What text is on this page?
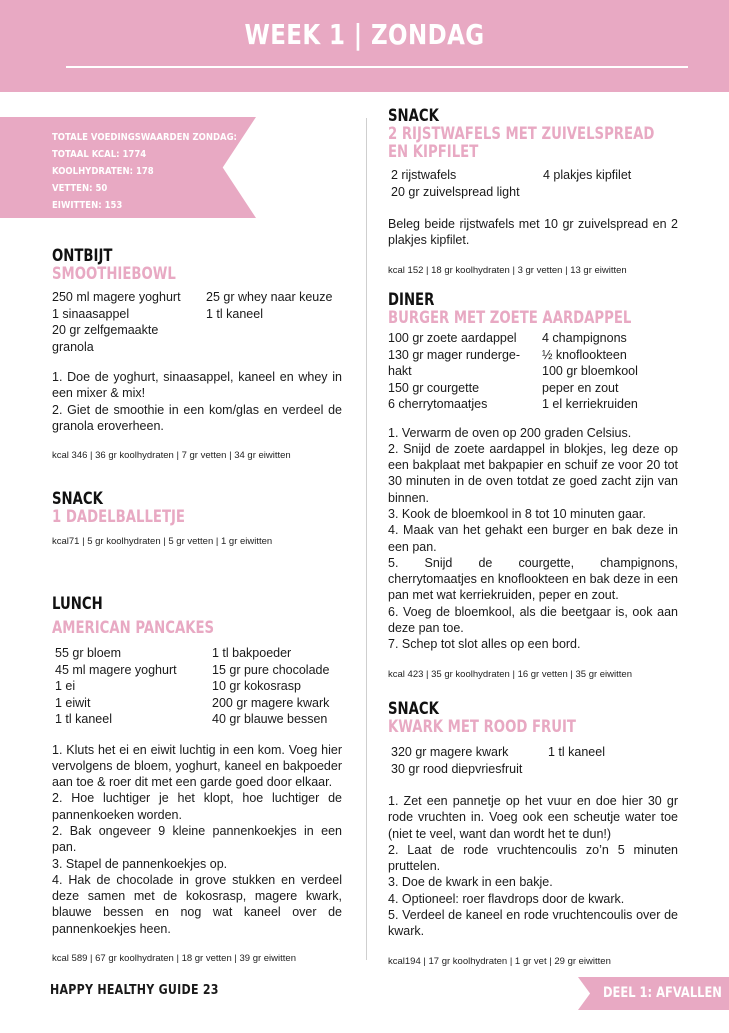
WEEK 1 | ZONDAG
TOTALE VOEDINGSWAARDEN ZONDAG:
TOTAAL KCAL: 1774
KOOLHYDRATEN: 178
VETTEN: 50
EIWITTEN: 153
ONTBIJT
SMOOTHIEBOWL
250 ml magere yoghurt
1 sinaasappel
20 gr zelfgemaakte
granola
25 gr whey naar keuze
1 tl kaneel

1. Doe de yoghurt, sinaasappel, kaneel en whey in een mixer & mix!

2. Giet de smoothie in een kom/glas en verdeel de granola eroverheen.

kcal 346 | 36 gr koolhydraten | 7 gr vetten | 34 gr eiwitten
SNACK
1 DADELBALLETJE
kcal71 | 5 gr koolhydraten | 5 gr vetten | 1 gr eiwitten
LUNCH
AMERICAN PANCAKES
55 gr bloem
45 ml magere yoghurt
1 ei
1 eiwit
1 tl kaneel
1 tl bakpoeder
15 gr pure chocolade
10 gr kokosrasp
200 gr magere kwark
40 gr blauwe bessen

1. Kluts het ei en eiwit luchtig in een kom. Voeg hier vervolgens de bloem, yoghurt, kaneel en bakpoeder aan toe & roer dit met een garde goed door elkaar.

2. Hoe luchtiger je het klopt, hoe luchtiger de pannenkoeken worden.

2. Bak ongeveer 9 kleine pannenkoekjes in een pan.

3. Stapel de pannenkoekjes op.

4. Hak de chocolade in grove stukken en verdeel deze samen met de kokosrasp, magere kwark, blauwe bessen en nog wat kaneel over de pannenkoekjes heen.

kcal 589 | 67 gr koolhydraten | 18 gr vetten | 39 gr eiwitten
SNACK
2 RIJSTWAFELS MET ZUIVELSPREAD
EN KIPFILET
2 rijstwafels
20 gr zuivelspread light
4 plakjes kipfilet

Beleg beide rijstwafels met 10 gr zuivelspread en 2 plakjes kipfilet.

kcal 152 | 18 gr koolhydraten | 3 gr vetten | 13 gr eiwitten
DINER
BURGER MET ZOETE AARDAPPEL
100 gr zoete aardappel
130 gr mager runderge-
hakt
150 gr courgette
6 cherrytomaatjes
4 champignons
½ knoflookteen
100 gr bloemkool
peper en zout
1 el kerriekruiden

1. Verwarm de oven op 200 graden Celsius.

2. Snijd de zoete aardappel in blokjes, leg deze op een bakplaat met bakpapier en schuif ze voor 20 tot 30 minuten in de oven totdat ze goed zacht zijn van binnen.

3. Kook de bloemkool in 8 tot 10 minuten gaar.

4. Maak van het gehakt een burger en bak deze in een pan.

5. Snijd de courgette, champignons, cherrytomaatjes en knoflookteen en bak deze in een pan met wat kerriekruiden, peper en zout.

6. Voeg de bloemkool, als die beetgaar is, ook aan deze pan toe.

7. Schep tot slot alles op een bord.

kcal 423 | 35 gr koolhydraten | 16 gr vetten | 35 gr eiwitten
SNACK
KWARK MET ROOD FRUIT
320 gr magere kwark
30 gr rood diepvriesfruit
1 tl kaneel

1. Zet een pannetje op het vuur en doe hier 30 gr rode vruchten in. Voeg ook een scheutje water toe (niet te veel, want dan wordt het te dun!)

2. Laat de rode vruchtencoulis zo’n 5 minuten pruttelen.

3. Doe de kwark in een bakje.

4. Optioneel: roer flavdrops door de kwark.

5. Verdeel de kaneel en rode vruchtencoulis over de kwark.

kcal194 | 17 gr koolhydraten | 1 gr vet | 29 gr eiwitten
HAPPY HEALTHY GUIDE 23	DEEL 1: AFVALLEN
